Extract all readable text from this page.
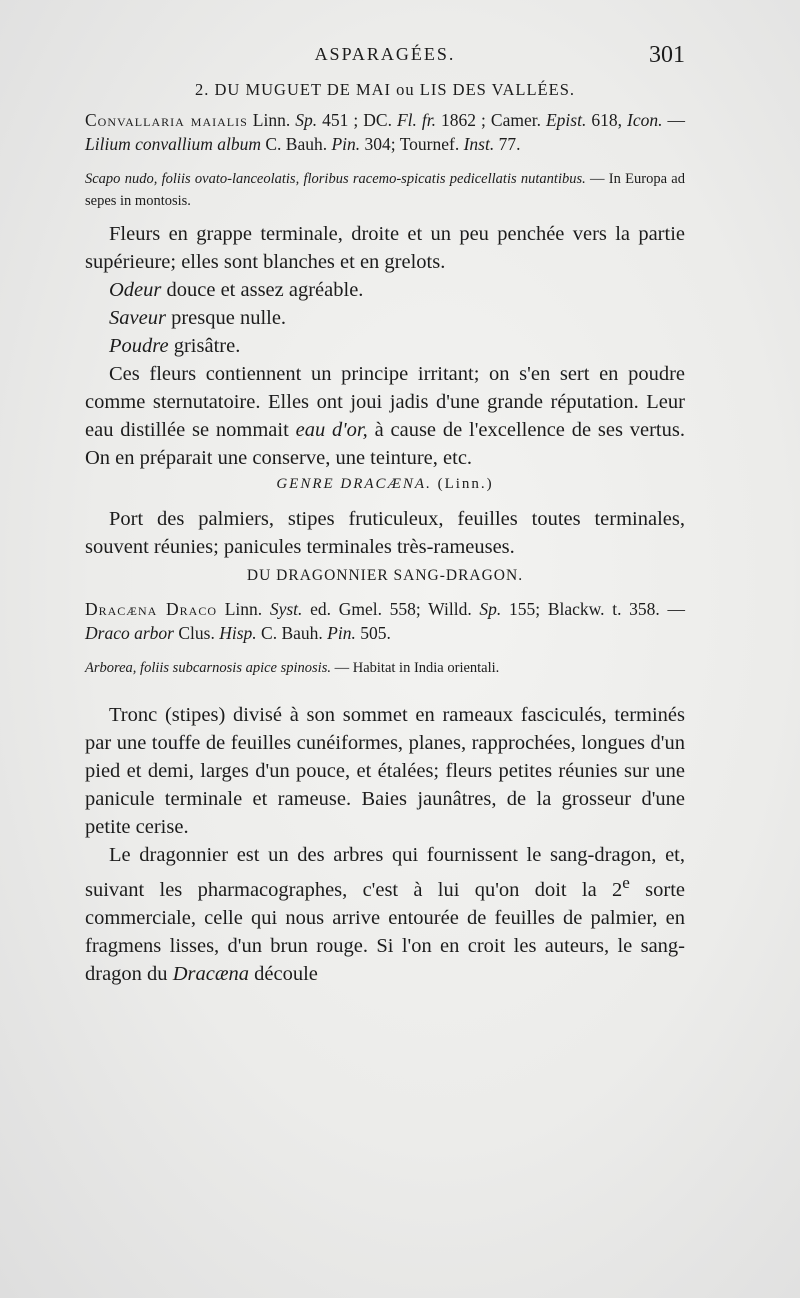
ASPARAGÉES.	301
2. DU MUGUET DE MAI ou LIS DES VALLÉES.

Convallaria maialis Linn. Sp. 451 ; DC. Fl. fr. 1862 ; Camer. Epist. 618, Icon. — Lilium convallium album C. Bauh. Pin. 304; Tournef. Inst. 77.

Scapo nudo, foliis ovato-lanceolatis, floribus racemo-spicatis pedicellatis nutantibus. — In Europa ad sepes in montosis.

Fleurs en grappe terminale, droite et un peu penchée vers la partie supérieure; elles sont blanches et en grelots.

Odeur douce et assez agréable.

Saveur presque nulle.

Poudre grisâtre.

Ces fleurs contiennent un principe irritant; on s'en sert en poudre comme sternutatoire. Elles ont joui jadis d'une grande réputation. Leur eau distillée se nommait eau d'or, à cause de l'excellence de ses vertus. On en préparait une conserve, une teinture, etc.

GENRE DRACÆNA. (Linn.)

Port des palmiers, stipes fruticuleux, feuilles toutes terminales, souvent réunies; panicules terminales très-rameuses.

DU DRAGONNIER SANG-DRAGON.

Dracæna Draco Linn. Syst. ed. Gmel. 558; Willd. Sp. 155; Blackw. t. 358. — Draco arbor Clus. Hisp. C. Bauh. Pin. 505.

Arborea, foliis subcarnosis apice spinosis. — Habitat in India orientali.

Tronc (stipes) divisé à son sommet en rameaux fasciculés, terminés par une touffe de feuilles cunéiformes, planes, rapprochées, longues d'un pied et demi, larges d'un pouce, et étalées; fleurs petites réunies sur une panicule terminale et rameuse. Baies jaunâtres, de la grosseur d'une petite cerise.

Le dragonnier est un des arbres qui fournissent le sang-dragon, et, suivant les pharmacographes, c'est à lui qu'on doit la 2e sorte commerciale, celle qui nous arrive entourée de feuilles de palmier, en fragmens lisses, d'un brun rouge. Si l'on en croit les auteurs, le sang-dragon du Dracæna découle
